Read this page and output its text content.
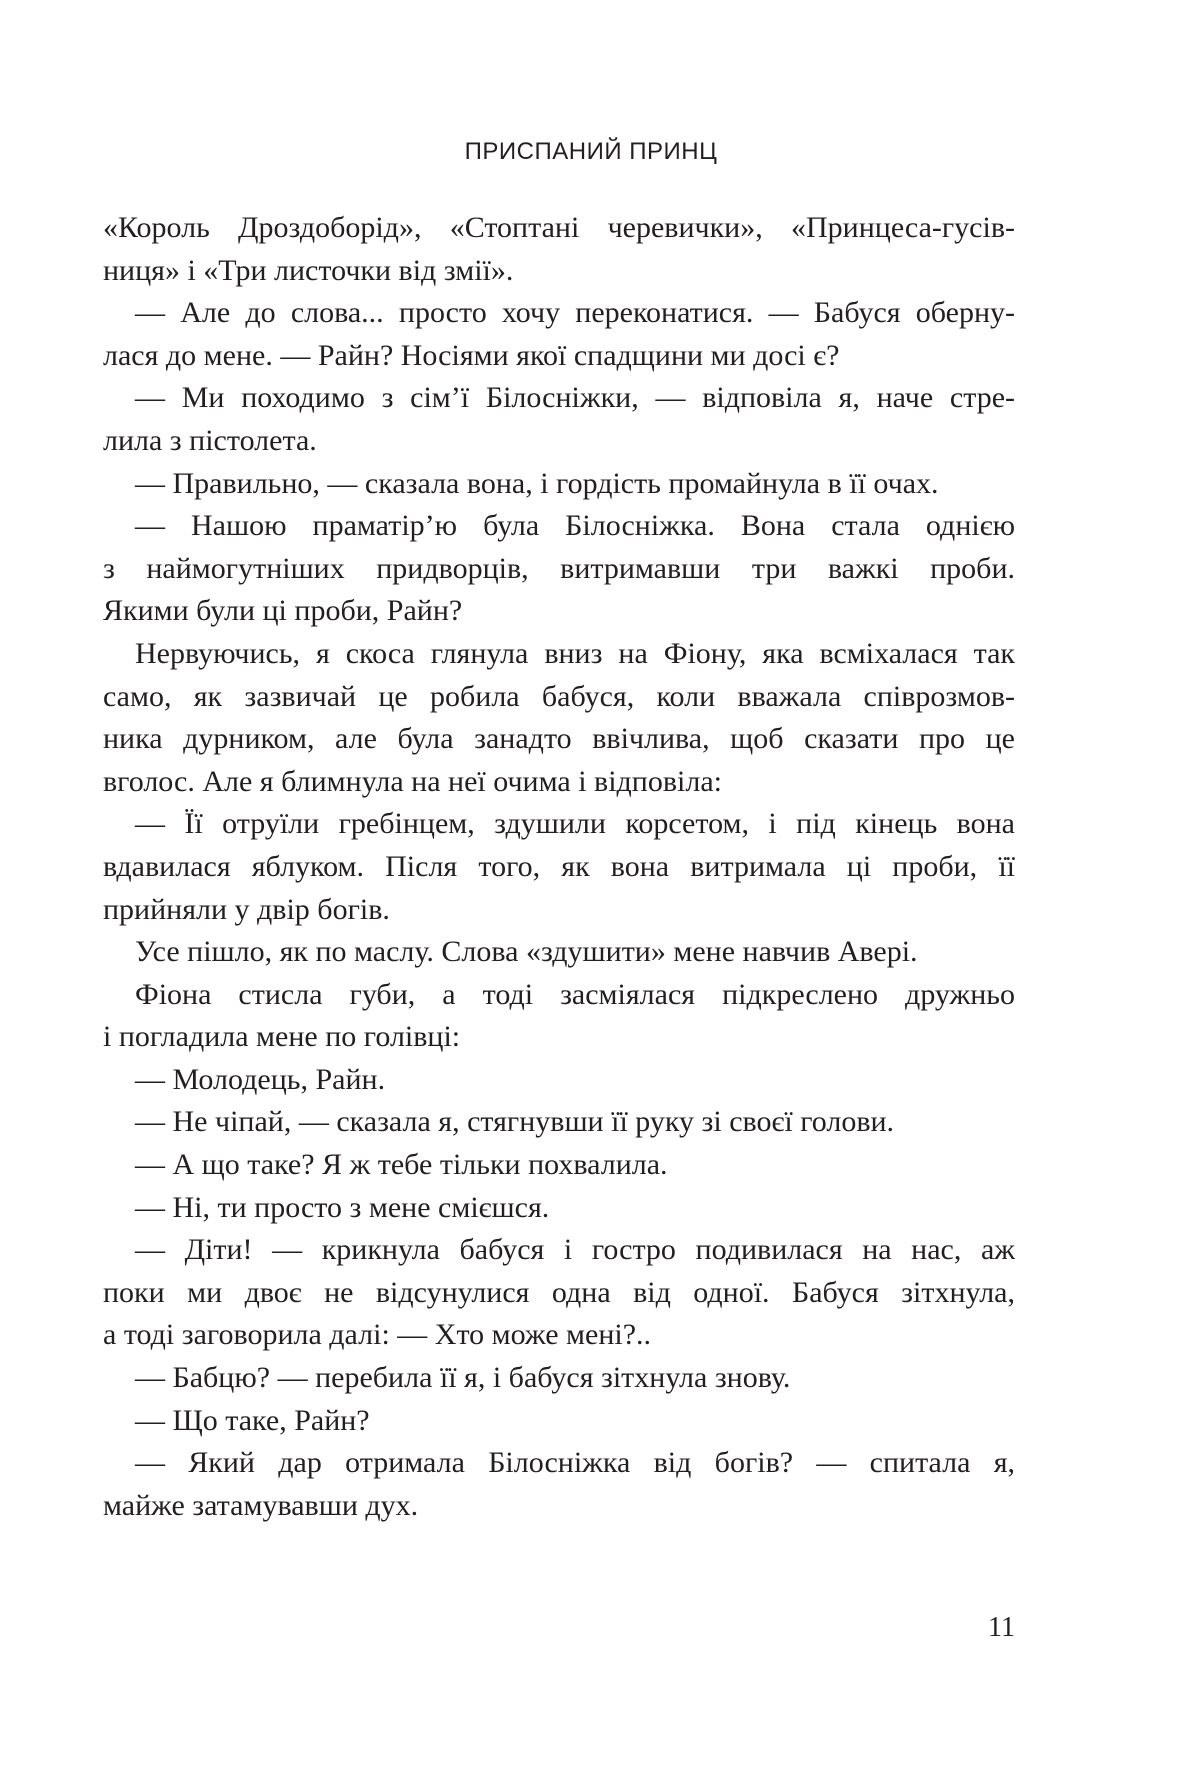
ПРИСПАНИЙ ПРИНЦ
«Король Дроздоборід», «Стоптані черевички», «Принцеса-гусів-
ниця» і «Три листочки від змії».
— Але до слова... просто хочу переконатися. — Бабуся оберну-
лася до мене. — Райн? Носіями якої спадщини ми досі є?
— Ми походимо з сім’ї Білосніжки, — відповіла я, наче стре-
лила з пістолета.
— Правильно, — сказала вона, і гордість промайнула в її очах.
— Нашою праматір’ю була Білосніжка. Вона стала однією
з наймогутніших придворців, витримавши три важкі проби.
Якими були ці проби, Райн?
Нервуючись, я скоса глянула вниз на Фіону, яка всміхалася так
само, як зазвичай це робила бабуся, коли вважала співрозмов-
ника дурником, але була занадто ввічлива, щоб сказати про це
вголос. Але я блимнула на неї очима і відповіла:
— Її отруїли гребінцем, здушили корсетом, і під кінець вона
вдавилася яблуком. Після того, як вона витримала ці проби, її
прийняли у двір богів.
Усе пішло, як по маслу. Слова «здушити» мене навчив Авері.
Фіона стисла губи, а тоді засміялася підкреслено дружньо
і погладила мене по голівці:
— Молодець, Райн.
— Не чіпай, — сказала я, стягнувши її руку зі своєї голови.
— А що таке? Я ж тебе тільки похвалила.
— Ні, ти просто з мене смієшся.
— Діти! — крикнула бабуся і гостро подивилася на нас, аж
поки ми двоє не відсунулися одна від одної. Бабуся зітхнула,
а тоді заговорила далі: — Хто може мені?..
— Бабцю? — перебила її я, і бабуся зітхнула знову.
— Що таке, Райн?
— Який дар отримала Білосніжка від богів? — спитала я,
майже затамувавши дух.
11
